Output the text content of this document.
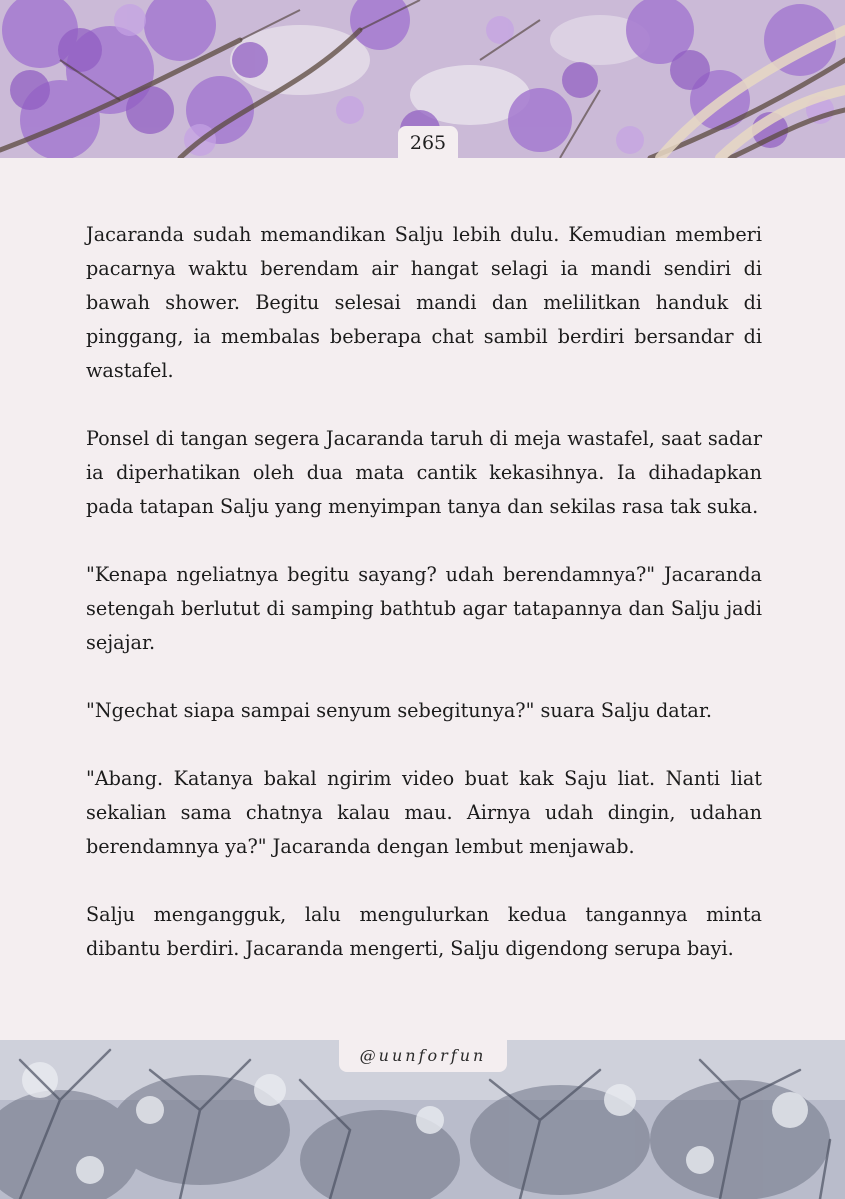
265

Jacaranda sudah memandikan Salju lebih dulu. Kemudian memberi pacarnya waktu berendam air hangat selagi ia mandi sendiri di bawah shower. Begitu selesai mandi dan melilitkan handuk di pinggang, ia membalas beberapa chat sambil berdiri bersandar di wastafel.

Ponsel di tangan segera Jacaranda taruh di meja wastafel, saat sadar ia diperhatikan oleh dua mata cantik kekasihnya. Ia dihadapkan pada tatapan Salju yang menyimpan tanya dan sekilas rasa tak suka.

"Kenapa ngeliatnya begitu sayang? udah berendamnya?" Jacaranda setengah berlutut di samping bathtub agar tatapannya dan Salju jadi sejajar.

"Ngechat siapa sampai senyum sebegitunya?" suara Salju datar.

"Abang. Katanya bakal ngirim video buat kak Saju liat. Nanti liat sekalian sama chatnya kalau mau. Airnya udah dingin, udahan berendamnya ya?" Jacaranda dengan lembut menjawab.

Salju mengangguk, lalu mengulurkan kedua tangannya minta dibantu berdiri. Jacaranda mengerti, Salju digendong serupa bayi.

@uunforfun
